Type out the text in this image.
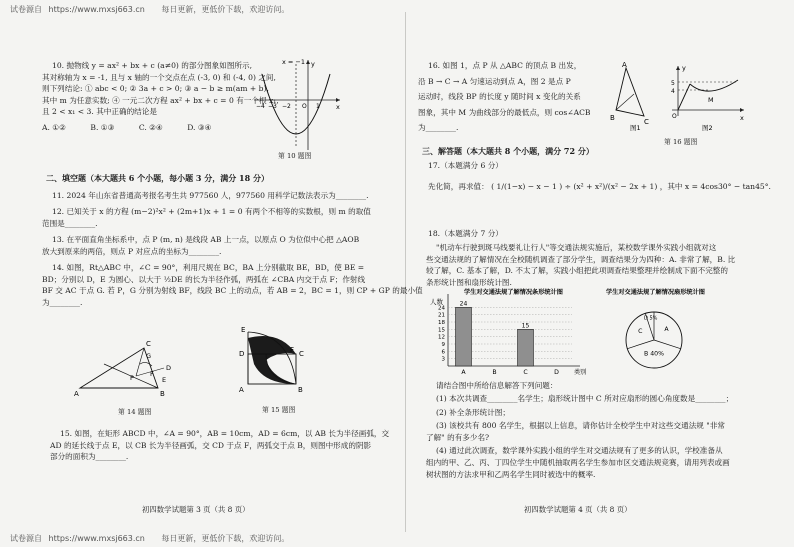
试卷源自 https://www.mxsj663.cn 每日更新，更低价下载，欢迎访问。
10. 抛物线 y = ax² + bx + c (a≠0) 的部分图象如图所示,
其对称轴为 x = -1, 且与 x 轴的一个交点在点 (-3, 0) 和 (-4, 0) 之间,
则下列结论: ① abc < 0; ② 3a + c > 0; ③ a − b ≥ m(am + b),
其中 m 为任意实数; ④ 一元二次方程 ax² + bx + c = 0 有一个根 x₁,
且 2 < x₁ < 3. 其中正确的结论是
A. ①②	B. ①③	C. ②④	D. ③④
x = −1 y
x
O
−4 −3 −2	1
第 10 题图
二、填空题（本大题共 6 个小题，每小题 3 分，满分 18 分）
11. 2024 年山东省普通高考报名考生共 977560 人，977560 用科学记数法表示为________.
12. 已知关于 x 的方程 (m−2)²x² + (2m+1)x + 1 = 0 有两个不相等的实数根，则 m 的取值
范围是________.
13. 在平面直角坐标系中，点 P (m, n) 是线段 AB 上一点，以原点 O 为位似中心把 △AOB
放大到原来的两倍，则点 P 对应点的坐标为________.
14. 如图，Rt△ABC 中，∠C = 90°，利用尺规在 BC，BA 上分别截取 BE，BD，使 BE =
BD；分别以 D，E 为圆心、以大于 ½DE 的长为半径作弧，两弧在 ∠CBA 内交于点 F；作射线
BF 交 AC 于点 G. 若 P，G 分别为射线 BF，线段 BC 上的动点，若 AB = 2，BC = 1，则 CP + GP 的最小值
为________.
A	B
C
D
E
F
G
P
第 14 题图
E
D	F C
A	B
第 15 题图
15. 如图，在矩形 ABCD 中，∠A = 90°，AB = 10cm，AD = 6cm，以 AB 长为半径画弧，交
AD 的延长线于点 E，以 CB 长为半径画弧，交 CD 于点 F，两弧交于点 B，则图中形成的阴影
部分的面积为________.
初四数学试题第 3 页（共 8 页）
16. 如图 1，点 P 从 △ABC 的顶点 B 出发，
沿 B → C → A 匀速运动到点 A，图 2 是点 P
运动时，线段 BP 的长度 y 随时间 x 变化的关系
图象，其中 M 为曲线部分的最低点，则 cos∠ACB
为________.
A
B	C
y
x
O
M
5
4
图1	图2
第 16 题图
三、解答题（本大题共 8 个小题，满分 72 分）
17.（本题满分 6 分）
先化简，再求值： ( 1/(1−x) − x − 1 ) ÷ (x² + x²)/(x² − 2x + 1) ，其中 x = 4cos30° − tan45°.
18.（本题满分 7 分）
"机动车行驶到斑马线要礼让行人"等交通法规实施后，某校数学课外实践小组就对这
些交通法规的了解情况在全校随机调查了部分学生，调查结果分为四种：A. 非常了解，B. 比
较了解，C. 基本了解，D. 不太了解，实践小组把此项调查结果整理并绘制成下面不完整的
条形统计图和扇形统计图.
学生对交通法规了解情况条形统计图
人数
3
6
9
12
15
18
21
24
A
24
B	C
15
D 类别
学生对交通法规了解情况扇形统计图
A
B 40%
C
D 5%
请结合图中所给信息解答下列问题：
(1) 本次共调查________名学生；扇形统计图中 C 所对应扇形的圆心角度数是________；
(2) 补全条形统计图；
(3) 该校共有 800 名学生，根据以上信息，请你估计全校学生中对这些交通法规 "非常
了解" 的有多少名?
(4) 通过此次调查，数学课外实践小组的学生对交通法规有了更多的认识，学校准备从
组内的甲、乙、丙、丁四位学生中随机抽取两名学生参加市区交通法规竞赛，请用列表或画
树状图的方法求甲和乙两名学生同时被选中的概率.
初四数学试题第 4 页（共 8 页）
试卷源自 https://www.mxsj663.cn 每日更新，更低价下载，欢迎访问。
